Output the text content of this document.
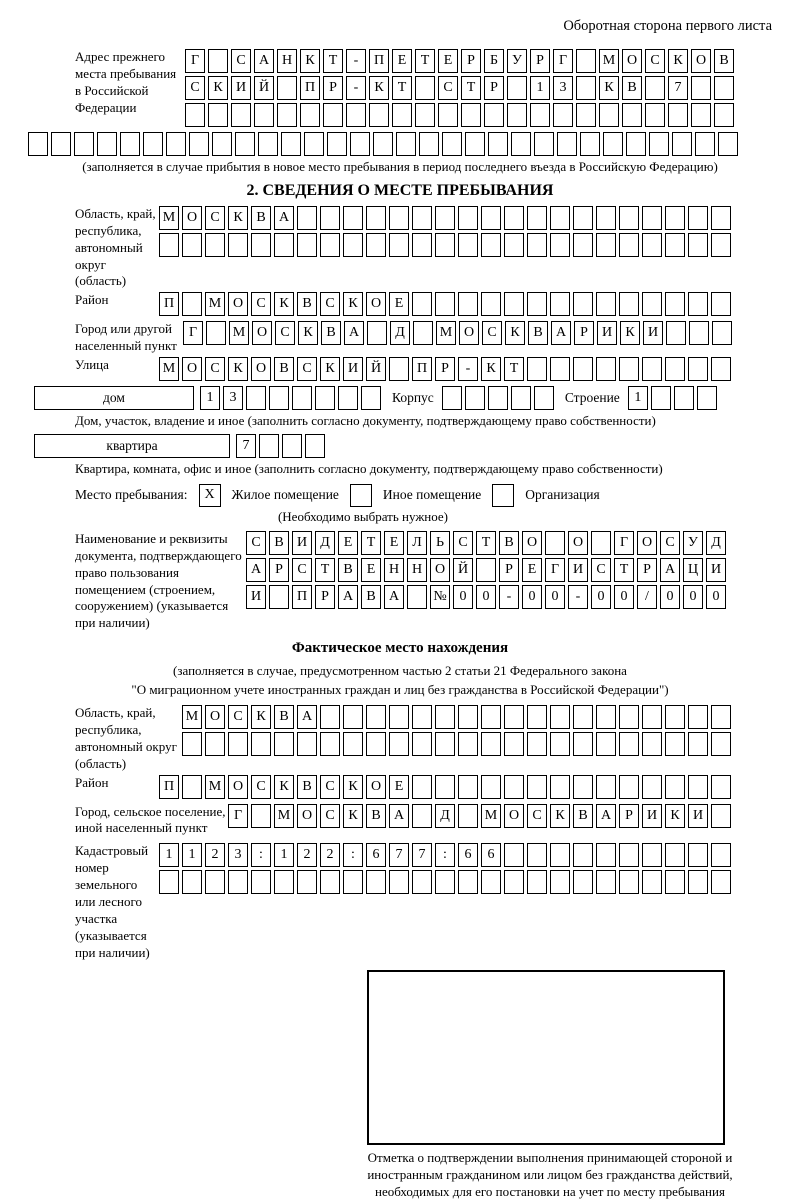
Оборотная сторона первого листа
Адрес прежнего места пребывания в Российской Федерации
Г	С А Н К	Т	-	П Е	Т	Е	Р	Б	У	Р	Г	М О С К О В
С К И Й	П	Р	-	К	Т	С	Т	Р	1	3	К В	7
(заполняется в случае прибытия в новое место пребывания в период последнего въезда в Российскую Федерацию)
2. СВЕДЕНИЯ О МЕСТЕ ПРЕБЫВАНИЯ
Область, край, республика, автономный округ (область)
М О С К В А
Район	П	М О С К В С К О Е
Город или другой населенный пункт
Г	М О С К В А	Д	М О С К В А	Р	И К И
Улица	М О С К О В С К И Й	П	Р	-	К	Т
дом	1	3	Корпус	Строение	1
Дом, участок, владение и иное (заполнить согласно документу, подтверждающему право собственности)
квартира	7
Квартира, комната, офис и иное (заполнить согласно документу, подтверждающему право собственности)
Место пребывания:	X	Жилое помещение	Иное помещение	Организация
(Необходимо выбрать нужное)
Наименование и реквизиты документа, подтверждающего право пользования помещением (строением, сооружением) (указывается при наличии)
С В И Д Е	Т	Е Л	Ь	С	Т	В О	О	Г О С У Д
А	Р	С	Т	В	Е Н Н О Й	Р	Е	Г И С	Т	Р	А Ц И
И	П	Р	А В А	№ 0	0	-	0	0	-	0	0	/	0	0	0
Фактическое место нахождения
(заполняется в случае, предусмотренном частью 2 статьи 21 Федерального закона
"О миграционном учете иностранных граждан и лиц без гражданства в Российской Федерации")
Область, край, республика, автономный округ (область)
М О С К В А
Район	П	М О С К В С К О Е
Город, сельское поселение, иной населенный пункт
Г	М О С К В А	Д	М О С К В А	Р	И К И
Кадастровый номер земельного или лесного участка (указывается при наличии)
1	1	2	3	:	1	2	2	:	6	7	7	:	6	6
Отметка о подтверждении выполнения принимающей стороной и иностранным гражданином или лицом без гражданства действий, необходимых для его постановки на учет по месту пребывания
